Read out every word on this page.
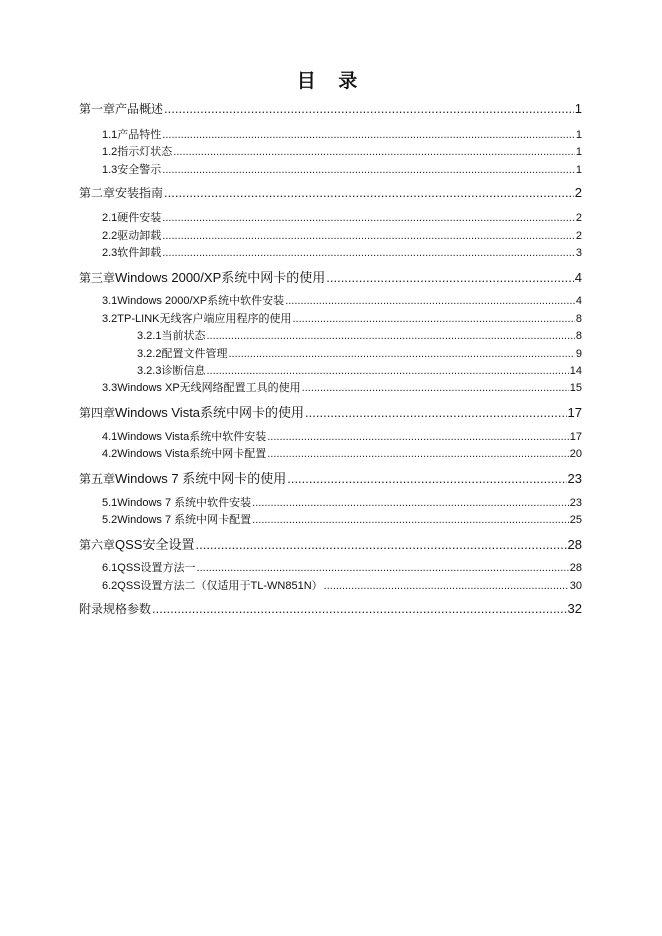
目 录
第一章 产品概述 .....	1
1.1 产品特性 .....	1
1.2 指示灯状态 .....	1
1.3 安全警示 .....	1
第二章 安装指南 .....	2
2.1 硬件安装 .....	2
2.2 驱动卸载 .....	2
2.3 软件卸载 .....	3
第三章 Windows 2000/XP系统中网卡的使用 .....	4
3.1 Windows 2000/XP系统中软件安装 .....	4
3.2 TP-LINK无线客户端应用程序的使用 .....	8
3.2.1 当前状态 .....	8
3.2.2 配置文件管理 .....	9
3.2.3 诊断信息 .....	14
3.3 Windows XP无线网络配置工具的使用 .....	15
第四章 Windows Vista系统中网卡的使用 .....	17
4.1 Windows Vista系统中软件安装 .....	17
4.2 Windows Vista系统中网卡配置 .....	20
第五章 Windows 7 系统中网卡的使用 .....	23
5.1 Windows 7 系统中软件安装 .....	23
5.2 Windows 7 系统中网卡配置 .....	25
第六章 QSS安全设置 .....	28
6.1 QSS设置方法一 .....	28
6.2 QSS设置方法二（仅适用于TL-WN851N） .....	30
附录 规格参数 .....	32
